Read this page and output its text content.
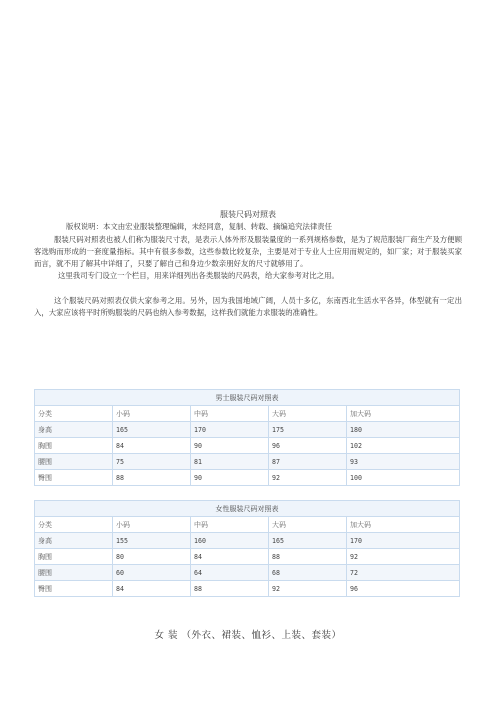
服装尺码对照表

版权说明：本文由宏业服装整理编辑，未经同意，复制、转载、摘编追究法律责任

服装尺码对照表也被人们称为服装尺寸表，是表示人体外形及服装量度的一系列规格参数，是为了规范服装厂商生产及方便顾客选购而形成的一套度量指标。其中有很多参数，这些参数比较复杂，主要是对于专业人士应用而规定的，如厂家；对于服装买家而言，就不用了解其中详细了，只要了解自己和身边少数亲朋好友的尺寸就够用了。

这里我司专门设立一个栏目，用来详细列出各类服装的尺码表，给大家参考对比之用。

这个服装尺码对照表仅供大家参考之用。另外，因为我国地域广阔，人员十多亿，东南西北生活水平各异，体型就有一定出入，大家应该将平时所购服装的尺码也纳入参考数据，这样我们就能力求服装的准确性。

男士服装尺码对照表				
分类	小码	中码	大码	加大码
身高	165	170	175	180
胸围	84	90	96	102
腰围	75	81	87	93
臀围	88	90	92	100
女性服装尺码对照表				
分类	小码	中码	大码	加大码
身高	155	160	165	170
胸围	80	84	88	92
腰围	60	64	68	72
臀围	84	88	92	96
女 装 （外衣、裙装、恤衫、上装、套装）
